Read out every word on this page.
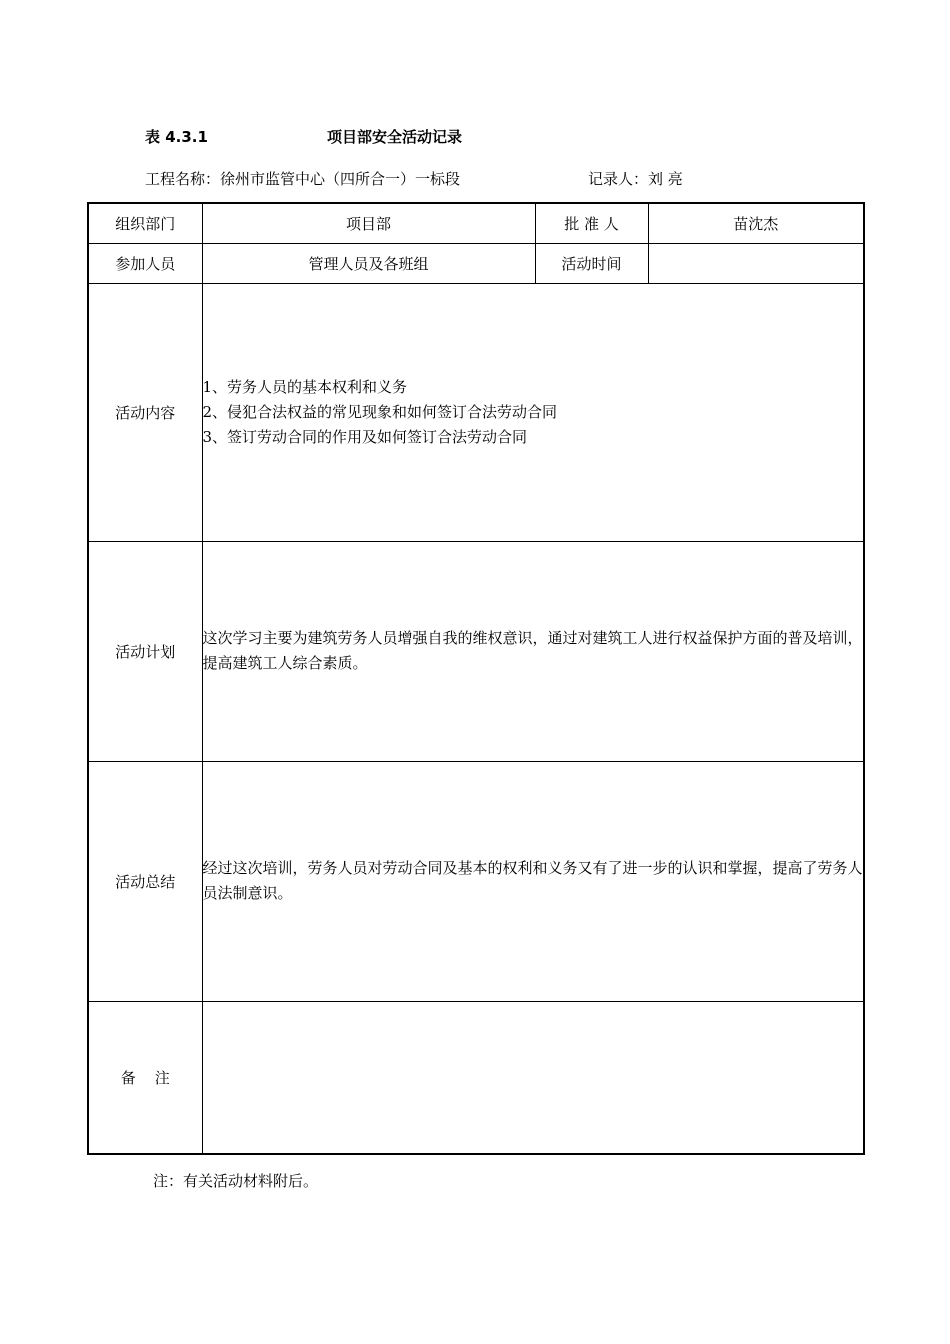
表 4.3.1	项目部安全活动记录
工程名称：徐州市监管中心（四所合一）一标段	记录人：刘 亮
组织部门	项目部	批 准 人	苗沈杰
参加人员	管理人员及各班组	活动时间	
活动内容	1、劳务人员的基本权利和义务
2、侵犯合法权益的常见现象和如何签订合法劳动合同
3、签订劳动合同的作用及如何签订合法劳动合同		

活动计划	这次学习主要为建筑劳务人员增强自我的维权意识，通过对建筑工人进行权益保护方面的普及培训，提高建筑工人综合素质。		
活动总结	经过这次培训，劳务人员对劳动合同及基本的权利和义务又有了进一步的认识和掌握，提高了劳务人员法制意识。		
备    注			
注：有关活动材料附后。
